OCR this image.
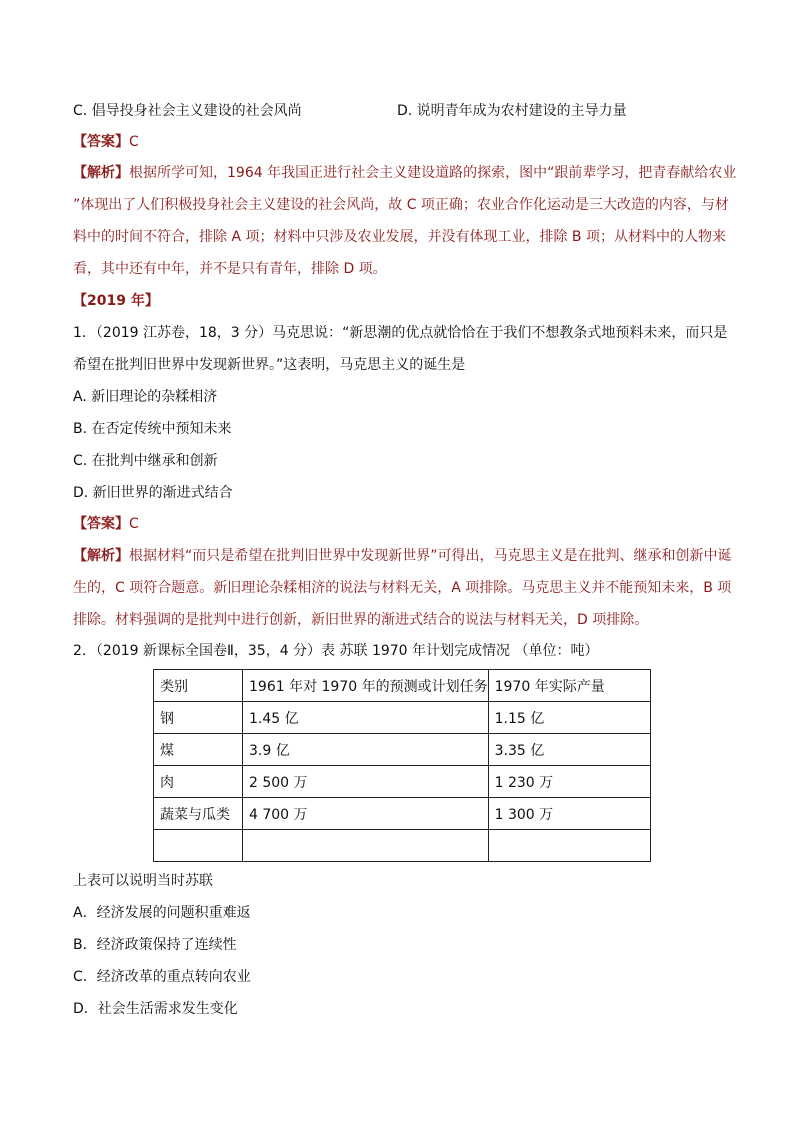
C. 倡导投身社会主义建设的社会风尚	D. 说明青年成为农村建设的主导力量
【答案】C
【解析】根据所学可知，1964 年我国正进行社会主义建设道路的探索，图中“跟前辈学习，把青春献给农业
”体现出了人们积极投身社会主义建设的社会风尚，故 C 项正确；农业合作化运动是三大改造的内容，与材
料中的时间不符合，排除 A 项；材料中只涉及农业发展，并没有体现工业，排除 B 项；从材料中的人物来
看，其中还有中年，并不是只有青年，排除 D 项。
【2019 年】
1．（2019 江苏卷，18，3 分）马克思说：“新思潮的优点就恰恰在于我们不想教条式地预料未来，而只是
希望在批判旧世界中发现新世界。”这表明，马克思主义的诞生是
A. 新旧理论的杂糅相济
B. 在否定传统中预知未来
C. 在批判中继承和创新
D. 新旧世界的渐进式结合
【答案】C
【解析】根据材料“而只是希望在批判旧世界中发现新世界”可得出，马克思主义是在批判、继承和创新中诞
生的，C 项符合题意。新旧理论杂糅相济的说法与材料无关，A 项排除。马克思主义并不能预知未来，B 项
排除。材料强调的是批判中进行创新，新旧世界的渐进式结合的说法与材料无关，D 项排除。
2．（2019 新课标全国卷Ⅱ，35，4 分）表 苏联 1970 年计划完成情况 （单位：吨）
类别	1961 年对 1970 年的预测或计划任务	1970 年实际产量
钢	1.45 亿	1.15 亿
煤	3.9 亿	3.35 亿
肉	2 500 万	1 230 万
蔬菜与瓜类	4 700 万	1 300 万

上表可以说明当时苏联
A．经济发展的问题积重难返
B．经济政策保持了连续性
C．经济改革的重点转向农业
D．社会生活需求发生变化
